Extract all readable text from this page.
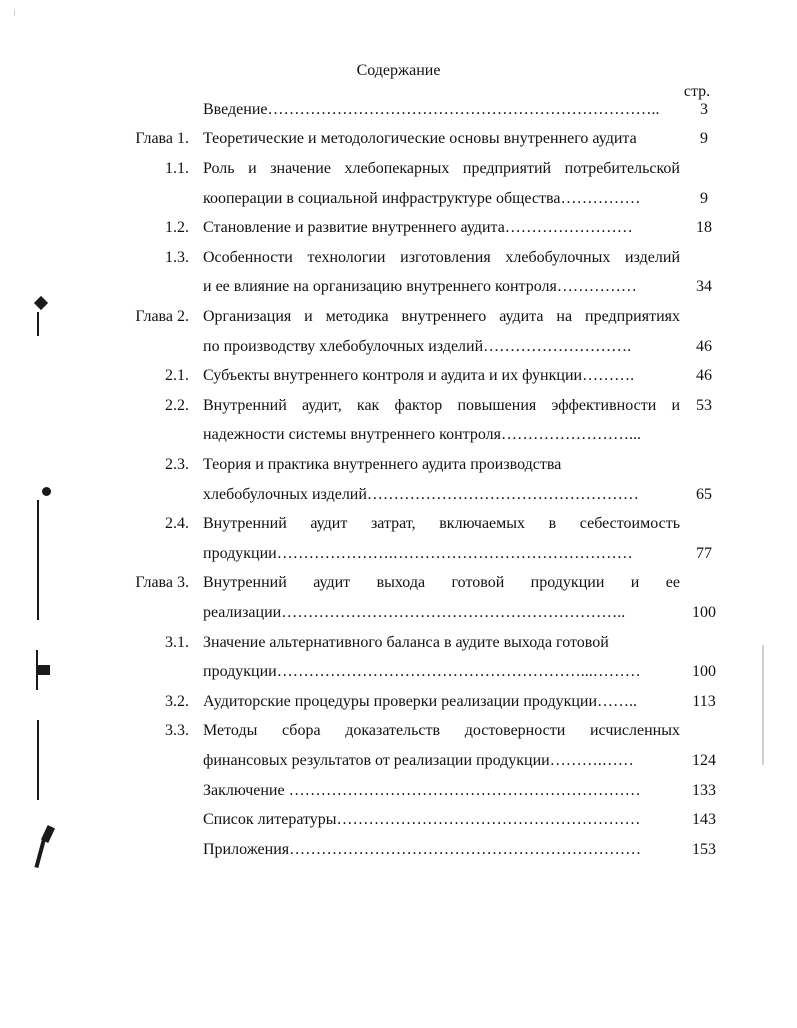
Содержание
стр.
Введение………………………………………………………………..	3
Глава 1. Теоретические и методологические основы внутреннего аудита	9
1.1. Роль и значение хлебопекарных предприятий потребительской
кооперации в социальной инфраструктуре общества……………	9
1.2. Становление и развитие внутреннего аудита……………………	18
1.3. Особенности технологии изготовления хлебобулочных изделий
и ее влияние на организацию внутреннего контроля……………	34
Глава 2. Организация и методика внутреннего аудита на предприятиях
по производству хлебобулочных изделий……………………….	46
2.1. Субъекты внутреннего контроля и аудита и их функции……….	46
2.2. Внутренний аудит, как фактор повышения эффективности и	53
надежности системы внутреннего контроля……………………...
2.3. Теория и практика внутреннего аудита производства
хлебобулочных изделий……………………………………………	65
2.4. Внутренний аудит затрат, включаемых в себестоимость
продукции………………….………………………………………	77
Глава 3. Внутренний аудит выхода готовой продукции и ее
реализации………………………………………………………..	100
3.1. Значение альтернативного баланса в аудите выхода готовой
продукции…………………………………………………...………	100
3.2. Аудиторские процедуры проверки реализации продукции……..	113
3.3. Методы сбора доказательств достоверности исчисленных
финансовых результатов от реализации продукции……….……	124
Заключение …………………………………………………………	133
Список литературы…………………………………………………	143
Приложения…………………………………………………………	153
